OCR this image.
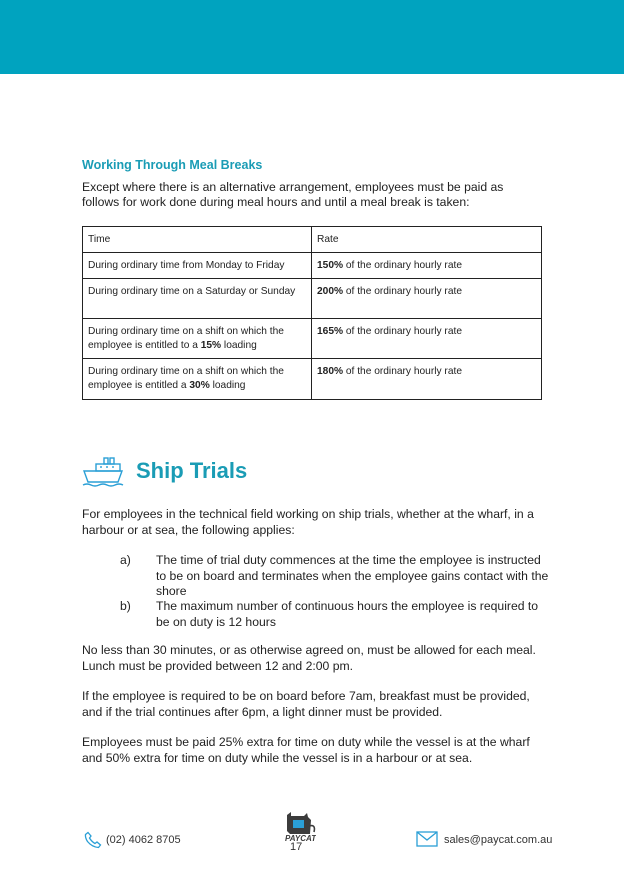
Working Through Meal Breaks

Except where there is an alternative arrangement, employees must be paid as follows for work done during meal hours and until a meal break is taken:

Time	Rate
During ordinary time from Monday to Friday	150% of the ordinary hourly rate
During ordinary time on a Saturday or Sunday	200% of the ordinary hourly rate
During ordinary time on a shift on which the employee is entitled to a 15% loading	165% of the ordinary hourly rate
During ordinary time on a shift on which the employee is entitled a 30% loading	180% of the ordinary hourly rate
Ship Trials

For employees in the technical field working on ship trials, whether at the wharf, in a harbour or at sea, the following applies:

a) The time of trial duty commences at the time the employee is instructed to be on board and terminates when the employee gains contact with the shore
b) The maximum number of continuous hours the employee is required to be on duty is 12 hours

No less than 30 minutes, or as otherwise agreed on, must be allowed for each meal. Lunch must be provided between 12 and 2:00 pm.

If the employee is required to be on board before 7am, breakfast must be provided, and if the trial continues after 6pm, a light dinner must be provided.

Employees must be paid 25% extra for time on duty while the vessel is at the wharf and 50% extra for time on duty while the vessel is in a harbour or at sea.

(02) 4062 8705	PAYCAT
17
sales@paycat.com.au
